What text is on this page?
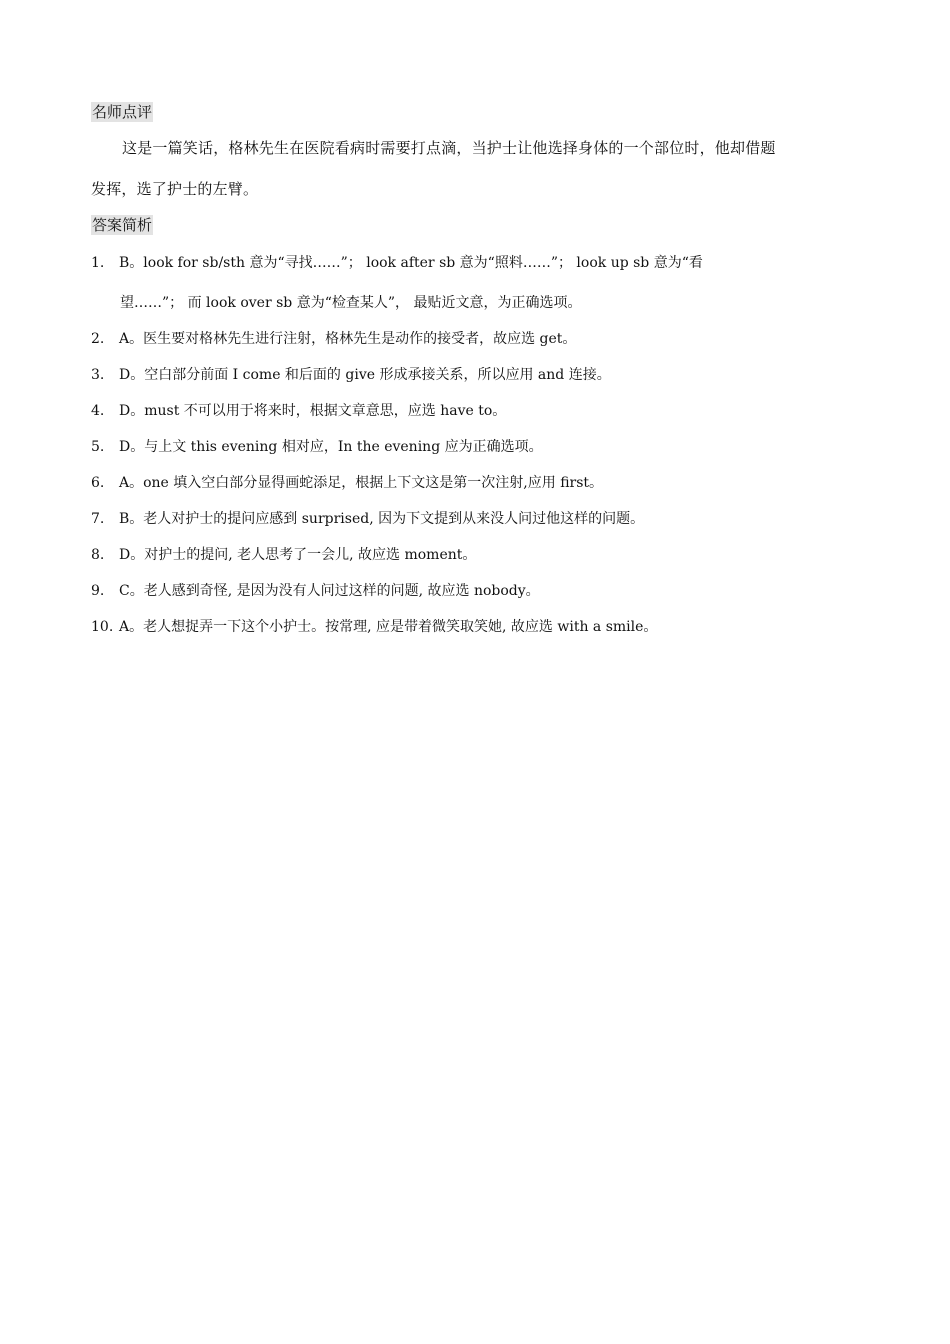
名师点评
这是一篇笑话，格林先生在医院看病时需要打点滴，当护士让他选择身体的一个部位时，他却借题
发挥，选了护士的左臂。
答案简析
1. B。look for sb/sth 意为“寻找……”； look after sb 意为“照料……”； look up sb 意为“看
望……”； 而 look over sb 意为“检查某人”， 最贴近文意，为正确选项。
2. A。医生要对格林先生进行注射，格林先生是动作的接受者，故应选 get。
3. D。空白部分前面 I come 和后面的 give 形成承接关系，所以应用 and 连接。
4. D。must 不可以用于将来时，根据文章意思，应选 have to。
5. D。与上文 this evening 相对应，In the evening 应为正确选项。
6. A。one 填入空白部分显得画蛇添足，根据上下文这是第一次注射,应用 first。
7. B。老人对护士的提问应感到 surprised, 因为下文提到从来没人问过他这样的问题。
8. D。对护士的提问, 老人思考了一会儿, 故应选 moment。
9. C。老人感到奇怪, 是因为没有人问过这样的问题, 故应选 nobody。
10. A。老人想捉弄一下这个小护士。按常理, 应是带着微笑取笑她, 故应选 with a smile。
